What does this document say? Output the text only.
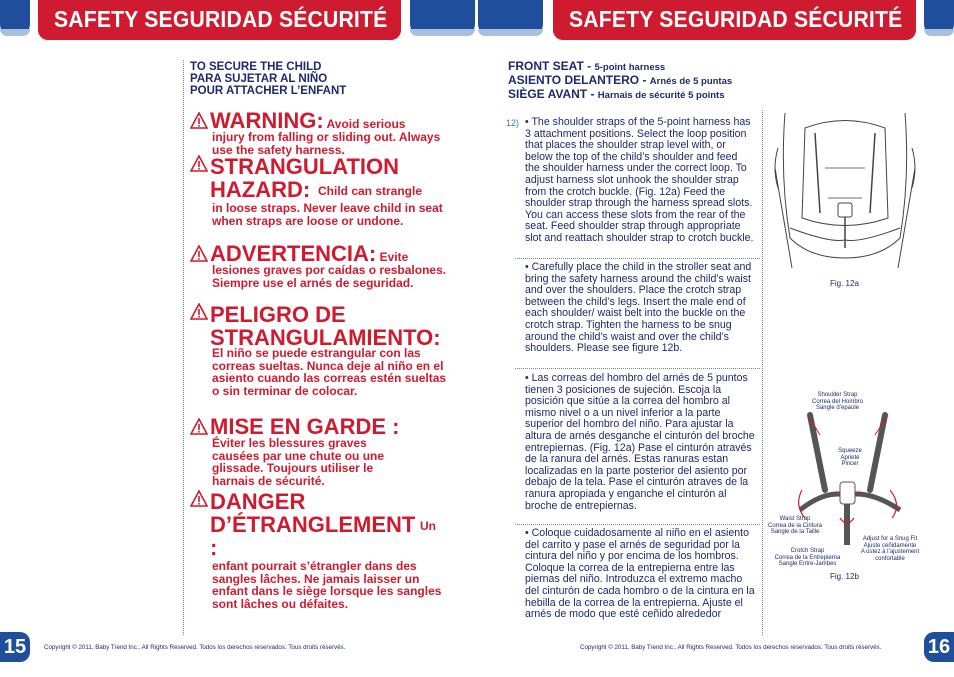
SAFETY SEGURIDAD SÉCURITÉ	SAFETY SEGURIDAD SÉCURITÉ
TO SECURE THE CHILD
PARA SUJETAR AL NIÑO
POUR ATTACHER L’ENFANT
WARNING: Avoid serious
injury from falling or sliding out. Always use the safety harness.
STRANGULATION HAZARD: Child can strangle
in loose straps. Never leave child in seat when straps are loose or undone.
ADVERTENCIA: Evite
lesiones graves por caídas o resbalones. Siempre use el arnés de seguridad.
PELIGRO DE STRANGULAMIENTO:
El niño se puede estrangular con las correas sueltas. Nunca deje al niño en el asiento cuando las correas estén sueltas o sin terminar de colocar.
MISE EN GARDE :
Éviter les blessures graves causées par une chute ou une glissade. Toujours utiliser le harnais de sécurité.
DANGER D’ÉTRANGLEMENT :
Un
enfant pourrait s’étrangler dans des sangles lâches. Ne jamais laisser un enfant dans le siège lorsque les sangles sont lâches ou défaites.
FRONT SEAT - 5-point harness
ASIENTO DELANTERO - Arnés de 5 puntas
SIÈGE AVANT - Harnais de sécurité 5 points
12) • The shoulder straps of the 5-point harness has 3 attachment positions. Select the loop position that places the shoulder strap level with, or below the top of the child’s shoulder and feed the shoulder harness under the correct loop. To adjust harness slot unhook the shoulder strap from the crotch buckle. (Fig. 12a) Feed the shoulder strap through the harness spread slots. You can access these slots from the rear of the seat. Feed shoulder strap through appropriate slot and reattach shoulder strap to crotch buckle.
• Carefully place the child in the stroller seat and bring the safety harness around the child’s waist and over the shoulders. Place the crotch strap between the child’s legs. Insert the male end of each shoulder/ waist belt into the buckle on the crotch strap. Tighten the harness to be snug around the child’s waist and over the child’s shoulders. Please see figure 12b.
• Las correas del hombro del arnés de 5 puntos tienen 3 posiciones de sujeción. Escoja la posición que sitúe a la correa del hombro al mismo nivel o a un nivel inferior a la parte superior del hombro del niño. Para ajustar la altura de arnés desganche el cinturón del broche entrepiernas. (Fig. 12a) Pase el cinturón através de la ranura del arnés. Estas ranuras estan localizadas en la parte posterior del asiento por debajo de la tela. Pase el cinturón atraves de la ranura apropiada y enganche el cinturón al broche de entrepiernas.
• Coloque cuidadosamente al niño en el asiento del carrito y pase el arnés de seguridad por la cintura del niño y por encima de los hombros. Coloque la correa de la entrepierna entre las piernas del niño. Introduzca el extremo macho del cinturón de cada hombro o de la cintura en la hebilla de la correa de la entrepierna. Ajuste el arnés de modo que esté ceñido alrededor
Fig. 12a
Shoulder Strap
Correa del Hombro
Sangle d’epaule
Squeeze
Apriete
Pincer
Waist Strap
Correa de la Cintura
Sangle de la Taille
Adjust for a Snug Fit
Ajuste ceñidamente
A ustez à l’ajustement
confortable
Crotch Strap
Correa de la Entrepierna
Sangle Entre-Jambes
Fig. 12b
15	Copyright © 2011, Baby Trend Inc., All Rights Reserved. Todos los derechos reservados. Tous droits réservés.	Copyright © 2011, Baby Trend Inc., All Rights Reserved. Todos los derechos reservados. Tous droits réservés. 16
